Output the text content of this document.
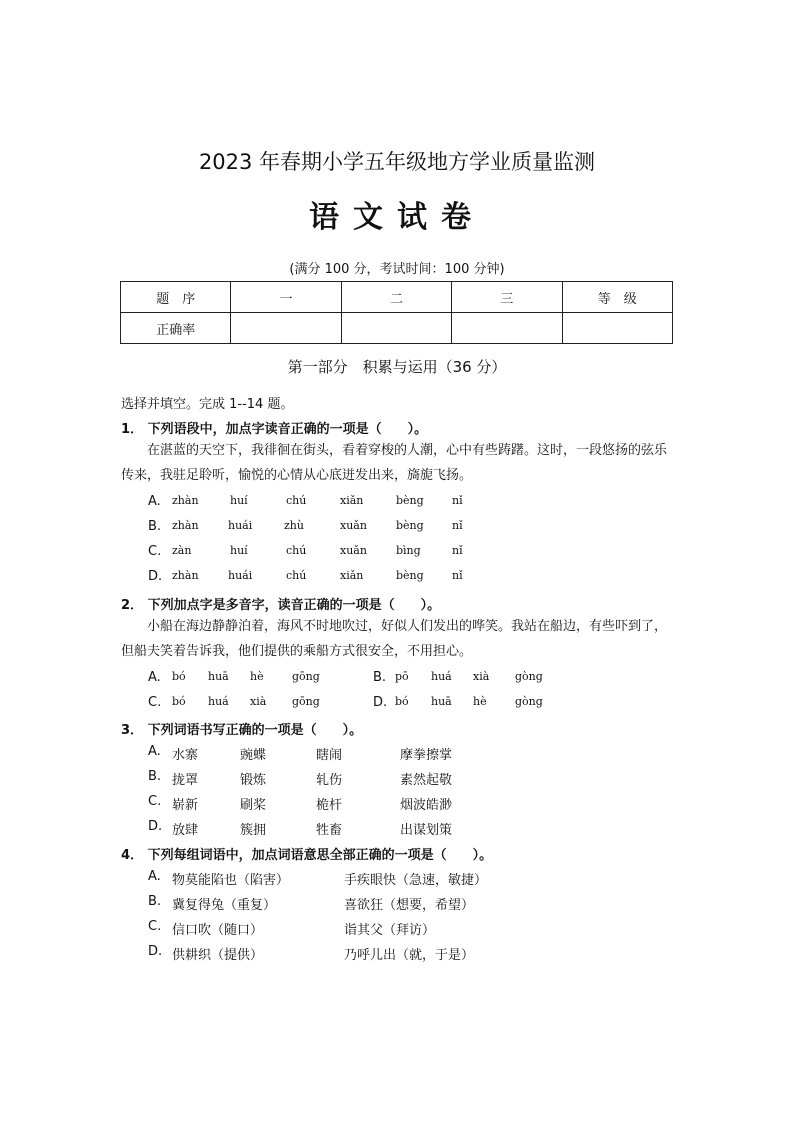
2023 年春期小学五年级地方学业质量监测
语文试卷
(满分 100 分，考试时间：100 分钟)
题　序	一	二	三	等　级
正确率				
第一部分　积累与运用（36 分）
选择并填空。完成 1--14 题。
1． 下列语段中，加点字读音正确的一项是（　　）。
在湛蓝的天空下，我徘徊在街头，看着穿梭的人潮，心中有些踌躇。这时，一段悠扬的弦乐传来，我驻足聆听，愉悦的心情从心底迸发出来，旖旎飞扬。
A. zhàn	huí	chú	xiǎn	bèng	nǐ
B. zhàn	huái	zhù	xuǎn	bèng	nǐ
C. zàn	huí	chú	xuǎn	bìng	nǐ
D. zhàn	huái	chú	xiǎn	bèng	nǐ
2． 下列加点字是多音字，读音正确的一项是（　　）。
小船在海边静静泊着，海风不时地吹过，好似人们发出的哗笑。我站在船边，有些吓到了，但船夫笑着告诉我，他们提供的乘船方式很安全，不用担心。
A. bó huā hè	gōng	B. pō huá xià gòng
C. bó huá xià gōng	D. bó huā hè	gòng
3． 下列词语书写正确的一项是（　　）。
A. 水寨	豌蝶	瞎闹	摩拳擦掌
B. 拢罩	锻炼	轧伤	素然起敬
C. 崭新	刷桨	桅杆	烟波皓渺
D. 放肆	簇拥	牲畜	出谋划策
4． 下列每组词语中，加点词语意思全部正确的一项是（　　）。
A. 物莫能陷也（陷害）	手疾眼快（急速，敏捷）
B. 冀复得兔（重复）	喜欲狂（想要，希望）
C. 信口吹（随口）	诣其父（拜访）
D. 供耕织（提供）	乃呼儿出（就，于是）
